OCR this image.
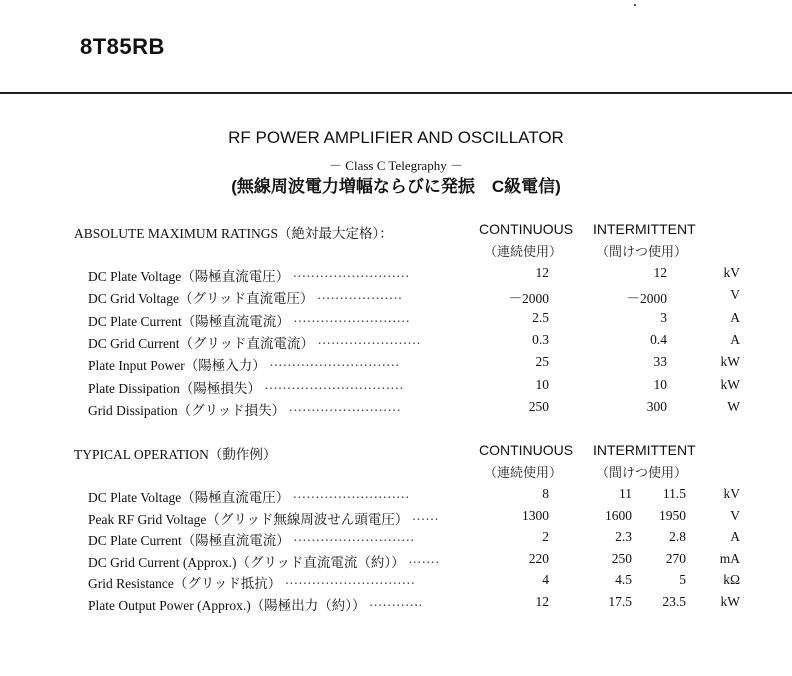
8T85RB
RF POWER AMPLIFIER AND OSCILLATOR
－ Class C Telegraphy －
(無線周波電力増幅ならびに発振　C級電信)
ABSOLUTE MAXIMUM RATINGS（絶対最大定格）：	CONTINUOUS INTERMITTENT
（連続使用）	（間けつ使用）
DC Plate Voltage（陽極直流電圧） ··························	12	12	kV
DC Grid Voltage（グリッド直流電圧） ···················	－2000	－2000	V
DC Plate Current（陽極直流電流） ··························	2.5	3	A
DC Grid Current（グリッド直流電流） ·······················	0.3	0.4	A
Plate Input Power（陽極入力） ·····························	25	33	kW
Plate Dissipation（陽極損失） ·······························	10	10	kW
Grid Dissipation（グリッド損失） ·························	250	300	W
TYPICAL OPERATION（動作例）	CONTINUOUS INTERMITTENT
（連続使用）	（間けつ使用）
DC Plate Voltage（陽極直流電圧） ··························	8	11	11.5	kV
Peak RF Grid Voltage（グリッド無線周波せん頭電圧） ······	1300	1600	1950	V
DC Plate Current（陽極直流電流） ···························	2	2.3	2.8	A
DC Grid Current (Approx.)（グリッド直流電流（約）） ·······	220	250	270	mA
Grid Resistance（グリッド抵抗） ·····························	4	4.5	5	kΩ
Plate Output Power (Approx.)（陽極出力（約）） ············	12	17.5	23.5	kW
